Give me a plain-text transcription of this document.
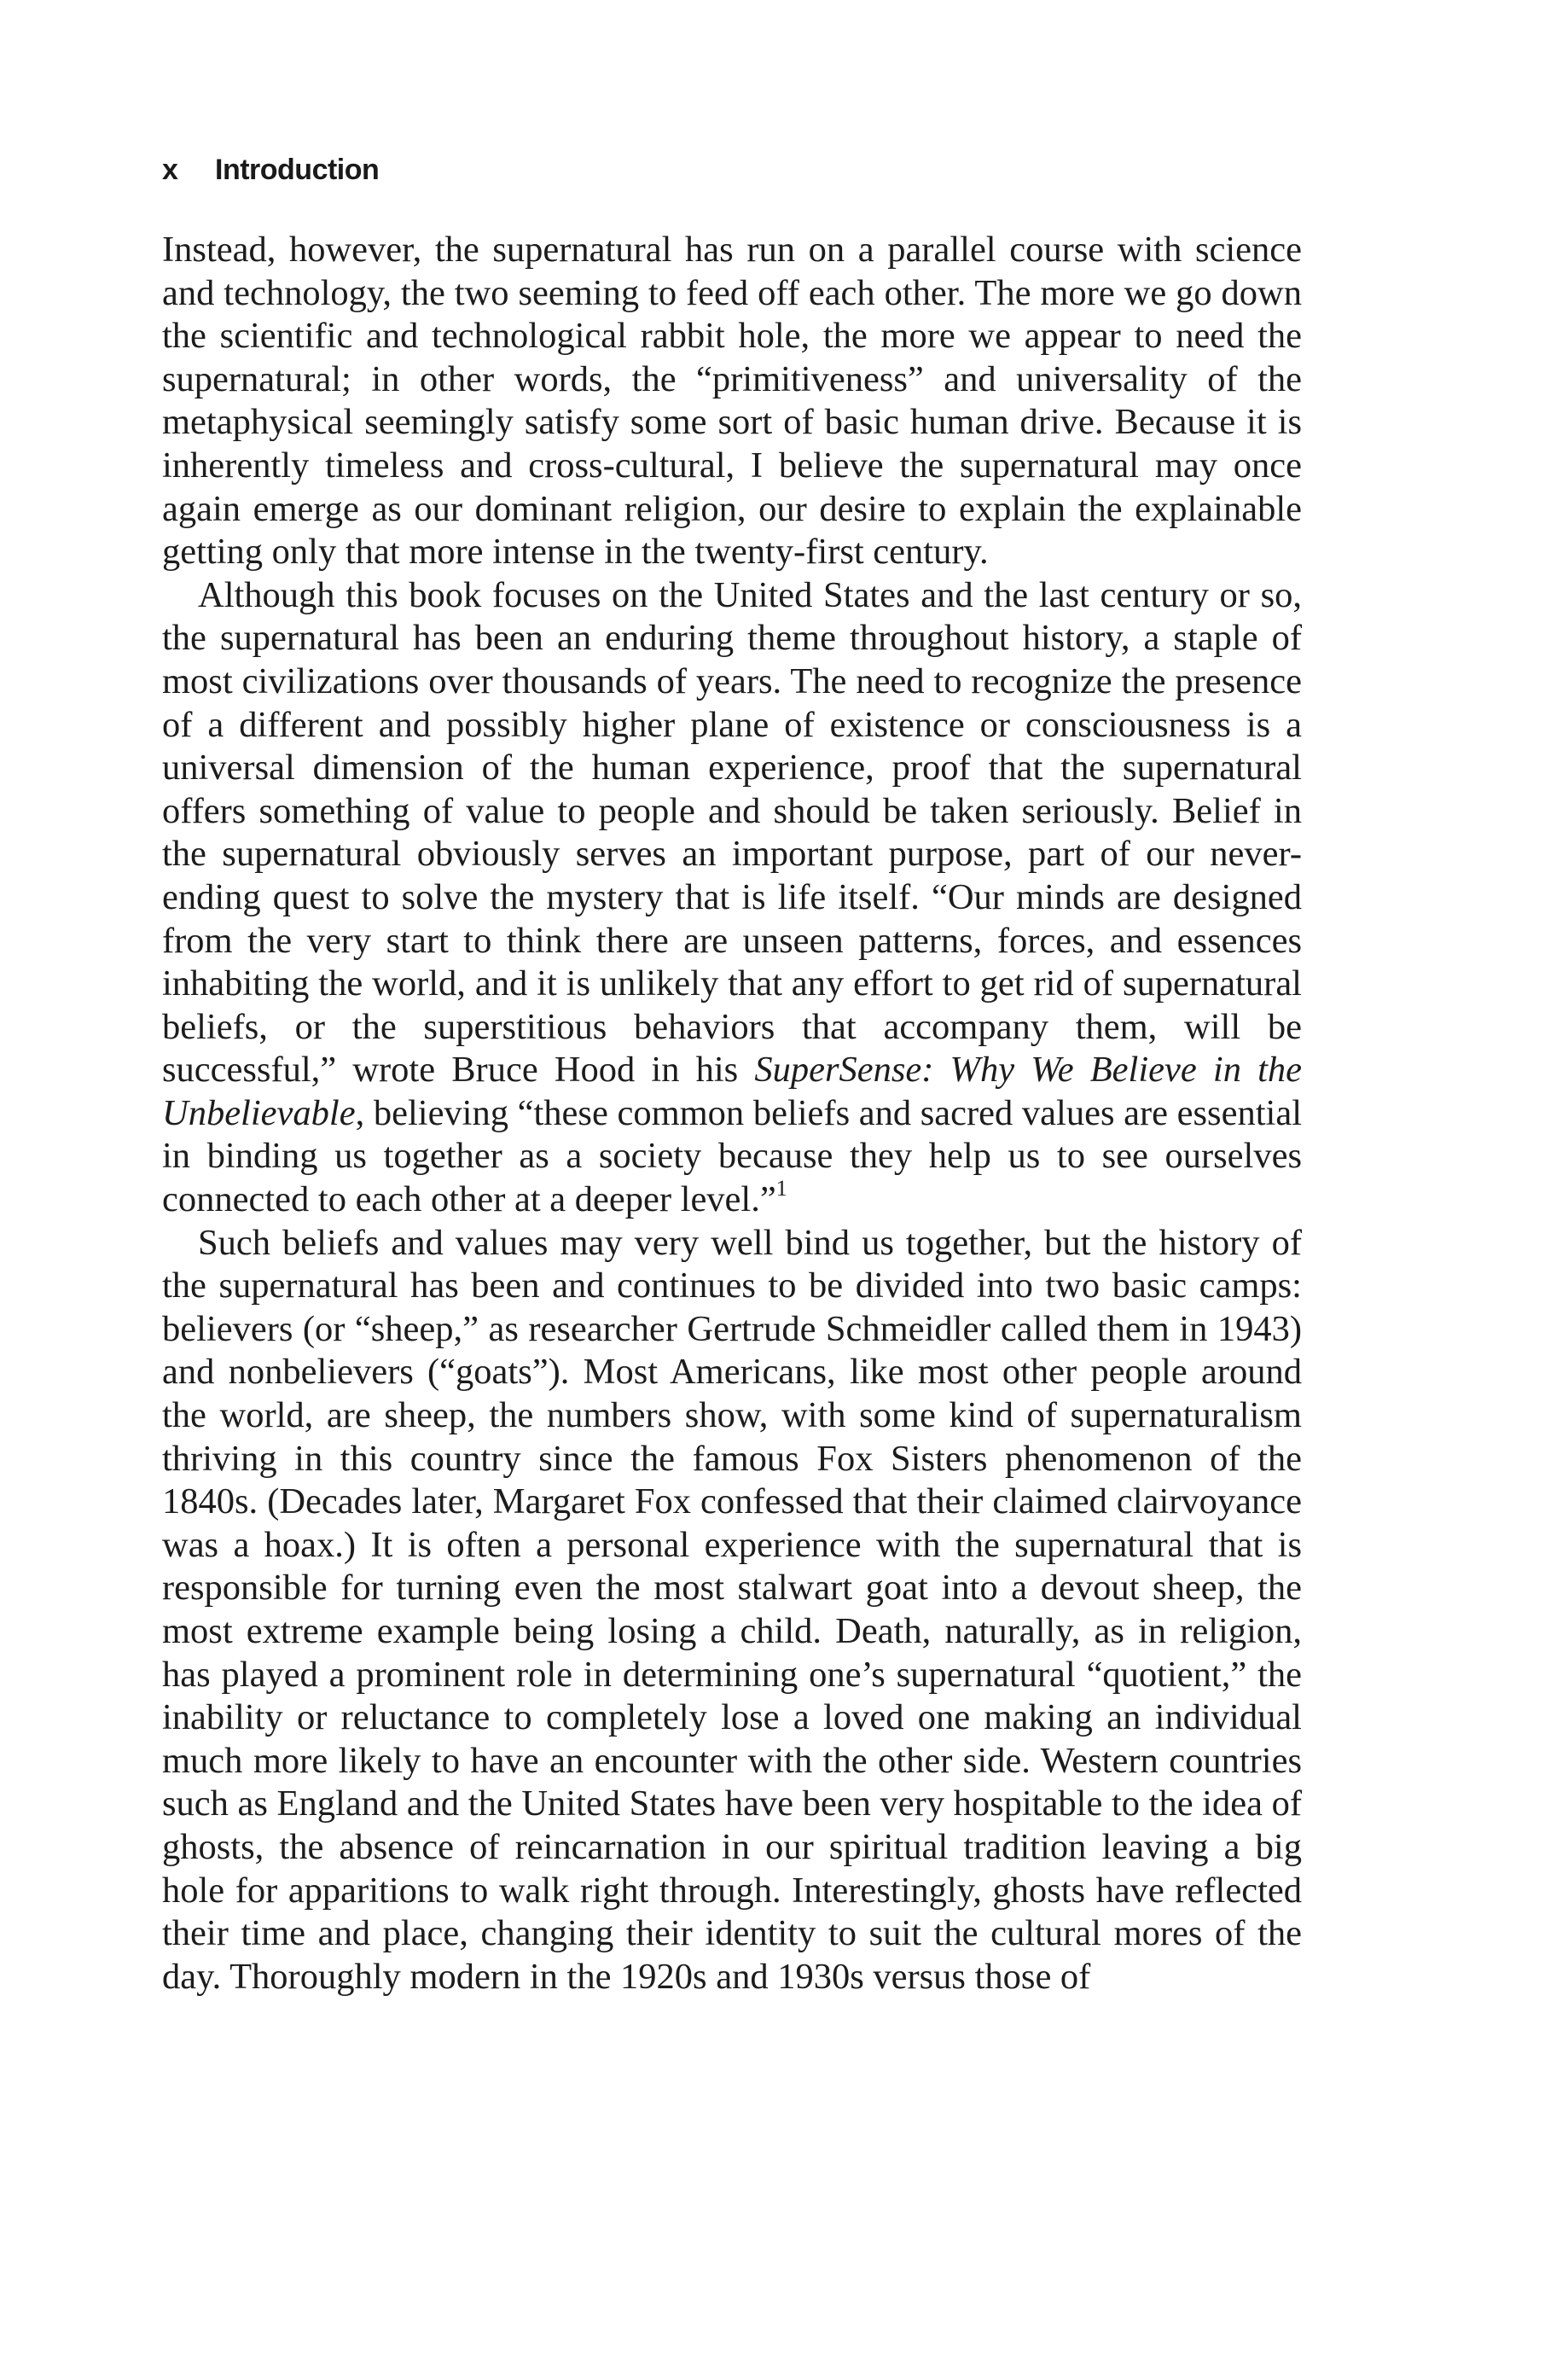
x Introduction

Instead, however, the supernatural has run on a parallel course with science and technology, the two seeming to feed off each other. The more we go down the scientific and technological rabbit hole, the more we appear to need the supernatural; in other words, the “primitiveness” and universality of the metaphysical seemingly satisfy some sort of basic human drive. Because it is inherently timeless and cross-cultural, I believe the supernatural may once again emerge as our dominant religion, our desire to explain the explainable getting only that more intense in the twenty-first century.

Although this book focuses on the United States and the last century or so, the supernatural has been an enduring theme throughout history, a staple of most civilizations over thousands of years. The need to recognize the presence of a different and possibly higher plane of existence or consciousness is a universal dimension of the human experience, proof that the supernatural offers something of value to people and should be taken seriously. Belief in the supernatural obviously serves an important purpose, part of our never-ending quest to solve the mystery that is life itself. “Our minds are designed from the very start to think there are unseen patterns, forces, and essences inhabiting the world, and it is unlikely that any effort to get rid of supernatural beliefs, or the superstitious behaviors that accompany them, will be successful,” wrote Bruce Hood in his SuperSense: Why We Believe in the Unbelievable, believing “these common beliefs and sacred values are essential in binding us together as a society because they help us to see ourselves connected to each other at a deeper level.”$^1$

Such beliefs and values may very well bind us together, but the history of the supernatural has been and continues to be divided into two basic camps: believers (or “sheep,” as researcher Gertrude Schmeidler called them in 1943) and nonbelievers (“goats”). Most Americans, like most other people around the world, are sheep, the numbers show, with some kind of supernaturalism thriving in this country since the famous Fox Sisters phenomenon of the 1840s. (Decades later, Margaret Fox confessed that their claimed clairvoyance was a hoax.) It is often a personal experience with the supernatural that is responsible for turning even the most stalwart goat into a devout sheep, the most extreme example being losing a child. Death, naturally, as in religion, has played a prominent role in determining one’s supernatural “quotient,” the inability or reluctance to completely lose a loved one making an individual much more likely to have an encounter with the other side. Western countries such as England and the United States have been very hospitable to the idea of ghosts, the absence of reincarnation in our spiritual tradition leaving a big hole for apparitions to walk right through. Interestingly, ghosts have reflected their time and place, changing their identity to suit the cultural mores of the day. Thoroughly modern in the 1920s and 1930s versus those of
